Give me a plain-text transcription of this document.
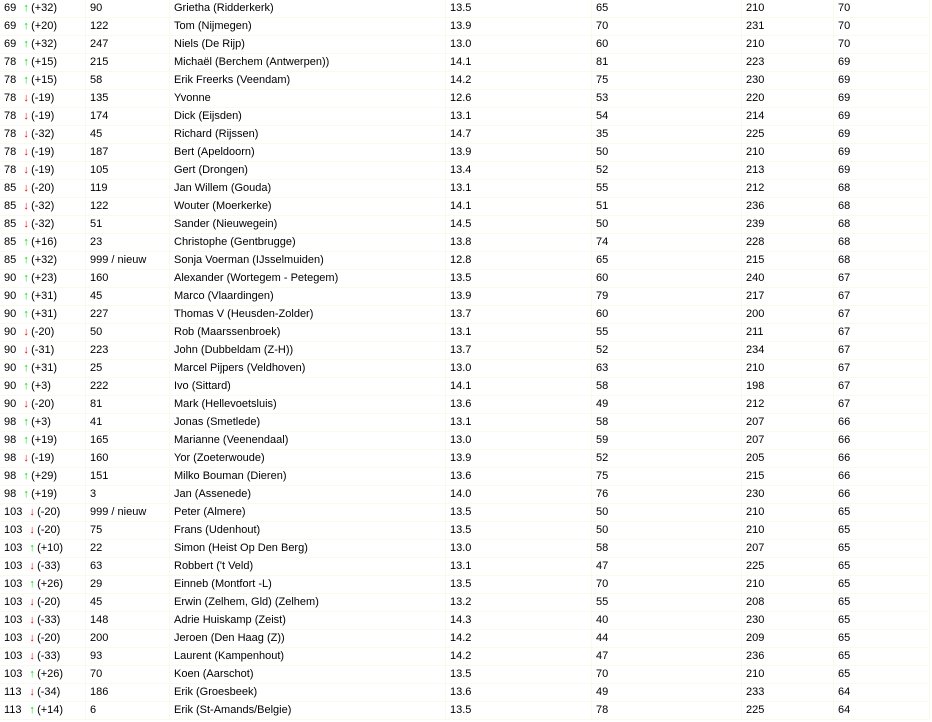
69 ↑ (+32)	90	Grietha (Ridderkerk)	13.5	65	210	70
69 ↑ (+20)	122	Tom (Nijmegen)	13.9	70	231	70
69 ↑ (+32)	247	Niels (De Rijp)	13.0	60	210	70
78 ↑ (+15)	215	Michaël (Berchem (Antwerpen))	14.1	81	223	69
78 ↑ (+15)	58	Erik Freerks (Veendam)	14.2	75	230	69
78 ↓ (-19)	135	Yvonne	12.6	53	220	69
78 ↓ (-19)	174	Dick (Eijsden)	13.1	54	214	69
78 ↓ (-32)	45	Richard (Rijssen)	14.7	35	225	69
78 ↓ (-19)	187	Bert (Apeldoorn)	13.9	50	210	69
78 ↓ (-19)	105	Gert (Drongen)	13.4	52	213	69
85 ↓ (-20)	119	Jan Willem (Gouda)	13.1	55	212	68
85 ↓ (-32)	122	Wouter (Moerkerke)	14.1	51	236	68
85 ↓ (-32)	51	Sander (Nieuwegein)	14.5	50	239	68
85 ↑ (+16)	23	Christophe (Gentbrugge)	13.8	74	228	68
85 ↑ (+32)	999 / nieuw	Sonja Voerman (IJsselmuiden)	12.8	65	215	68
90 ↑ (+23)	160	Alexander (Wortegem - Petegem)	13.5	60	240	67
90 ↑ (+31)	45	Marco (Vlaardingen)	13.9	79	217	67
90 ↑ (+31)	227	Thomas V (Heusden-Zolder)	13.7	60	200	67
90 ↓ (-20)	50	Rob (Maarssenbroek)	13.1	55	211	67
90 ↓ (-31)	223	John (Dubbeldam (Z-H))	13.7	52	234	67
90 ↑ (+31)	25	Marcel Pijpers (Veldhoven)	13.0	63	210	67
90 ↑ (+3)	222	Ivo (Sittard)	14.1	58	198	67
90 ↓ (-20)	81	Mark (Hellevoetsluis)	13.6	49	212	67
98 ↑ (+3)	41	Jonas (Smetlede)	13.1	58	207	66
98 ↑ (+19)	165	Marianne (Veenendaal)	13.0	59	207	66
98 ↓ (-19)	160	Yor (Zoeterwoude)	13.9	52	205	66
98 ↑ (+29)	151	Milko Bouman (Dieren)	13.6	75	215	66
98 ↑ (+19)	3	Jan (Assenede)	14.0	76	230	66
103 ↓ (-20)	999 / nieuw	Peter (Almere)	13.5	50	210	65
103 ↓ (-20)	75	Frans (Udenhout)	13.5	50	210	65
103 ↑ (+10)	22	Simon (Heist Op Den Berg)	13.0	58	207	65
103 ↓ (-33)	63	Robbert ('t Veld)	13.1	47	225	65
103 ↑ (+26)	29	Einneb (Montfort -L)	13.5	70	210	65
103 ↓ (-20)	45	Erwin (Zelhem, Gld) (Zelhem)	13.2	55	208	65
103 ↓ (-33)	148	Adrie Huiskamp (Zeist)	14.3	40	230	65
103 ↓ (-20)	200	Jeroen (Den Haag (Z))	14.2	44	209	65
103 ↓ (-33)	93	Laurent (Kampenhout)	14.2	47	236	65
103 ↑ (+26)	70	Koen (Aarschot)	13.5	70	210	65
113 ↓ (-34)	186	Erik (Groesbeek)	13.6	49	233	64
113 ↑ (+14)	6	Erik (St-Amands/Belgie)	13.5	78	225	64
